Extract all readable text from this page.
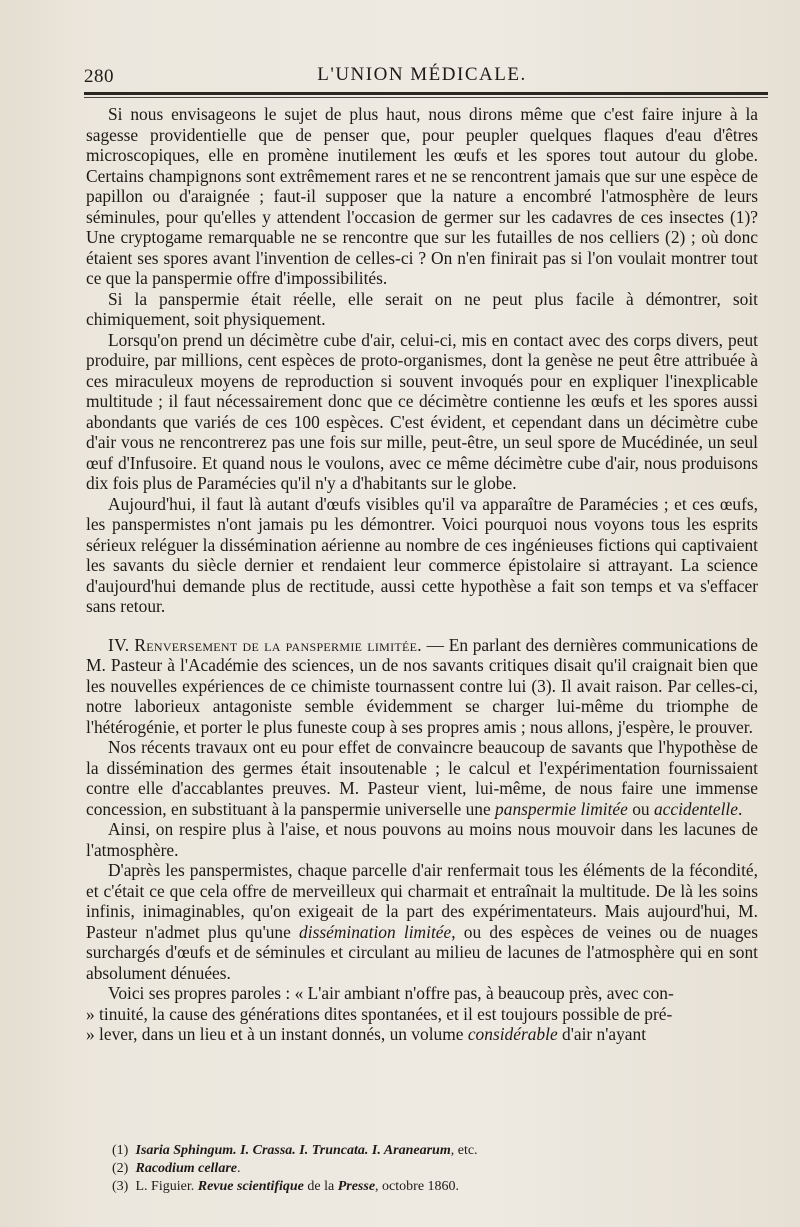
280	L'UNION MÉDICALE.

Si nous envisageons le sujet de plus haut, nous dirons même que c'est faire injure à la sagesse providentielle que de penser que, pour peupler quelques flaques d'eau d'êtres microscopiques, elle en promène inutilement les œufs et les spores tout autour du globe. Certains champignons sont extrêmement rares et ne se rencontrent jamais que sur une espèce de papillon ou d'araignée ; faut-il supposer que la nature a encombré l'atmosphère de leurs séminules, pour qu'elles y attendent l'occasion de germer sur les cadavres de ces insectes (1)? Une cryptogame remarquable ne se rencontre que sur les futailles de nos celliers (2) ; où donc étaient ses spores avant l'invention de celles-ci ? On n'en finirait pas si l'on voulait montrer tout ce que la panspermie offre d'impossibilités.

Si la panspermie était réelle, elle serait on ne peut plus facile à démontrer, soit chimiquement, soit physiquement.

Lorsqu'on prend un décimètre cube d'air, celui-ci, mis en contact avec des corps divers, peut produire, par millions, cent espèces de proto-organismes, dont la genèse ne peut être attribuée à ces miraculeux moyens de reproduction si souvent invoqués pour en expliquer l'inexplicable multitude ; il faut nécessairement donc que ce décimètre contienne les œufs et les spores aussi abondants que variés de ces 100 espèces. C'est évident, et cependant dans un décimètre cube d'air vous ne rencontrerez pas une fois sur mille, peut-être, un seul spore de Mucédinée, un seul œuf d'Infusoire. Et quand nous le voulons, avec ce même décimètre cube d'air, nous produisons dix fois plus de Paramécies qu'il n'y a d'habitants sur le globe.

Aujourd'hui, il faut là autant d'œufs visibles qu'il va apparaître de Paramécies ; et ces œufs, les panspermistes n'ont jamais pu les démontrer. Voici pourquoi nous voyons tous les esprits sérieux reléguer la dissémination aérienne au nombre de ces ingénieuses fictions qui captivaient les savants du siècle dernier et rendaient leur commerce épistolaire si attrayant. La science d'aujourd'hui demande plus de rectitude, aussi cette hypothèse a fait son temps et va s'effacer sans retour.

IV. Renversement de la panspermie limitée. — En parlant des dernières communications de M. Pasteur à l'Académie des sciences, un de nos savants critiques disait qu'il craignait bien que les nouvelles expériences de ce chimiste tournassent contre lui (3). Il avait raison. Par celles-ci, notre laborieux antagoniste semble évidemment se charger lui-même du triomphe de l'hétérogénie, et porter le plus funeste coup à ses propres amis ; nous allons, j'espère, le prouver.

Nos récents travaux ont eu pour effet de convaincre beaucoup de savants que l'hypothèse de la dissémination des germes était insoutenable ; le calcul et l'expérimentation fournissaient contre elle d'accablantes preuves. M. Pasteur vient, lui-même, de nous faire une immense concession, en substituant à la panspermie universelle une panspermie limitée ou accidentelle.

Ainsi, on respire plus à l'aise, et nous pouvons au moins nous mouvoir dans les lacunes de l'atmosphère.

D'après les panspermistes, chaque parcelle d'air renfermait tous les éléments de la fécondité, et c'était ce que cela offre de merveilleux qui charmait et entraînait la multitude. De là les soins infinis, inimaginables, qu'on exigeait de la part des expérimentateurs. Mais aujourd'hui, M. Pasteur n'admet plus qu'une dissémination limitée, ou des espèces de veines ou de nuages surchargés d'œufs et de séminules et circulant au milieu de lacunes de l'atmosphère qui en sont absolument dénuées.

Voici ses propres paroles : « L'air ambiant n'offre pas, à beaucoup près, avec con-

» tinuité, la cause des générations dites spontanées, et il est toujours possible de pré-

» lever, dans un lieu et à un instant donnés, un volume considérable d'air n'ayant

(1) Isaria Sphingum. I. Crassa. I. Truncata. I. Aranearum, etc.

(2) Racodium cellare.

(3) L. Figuier. Revue scientifique de la Presse, octobre 1860.
